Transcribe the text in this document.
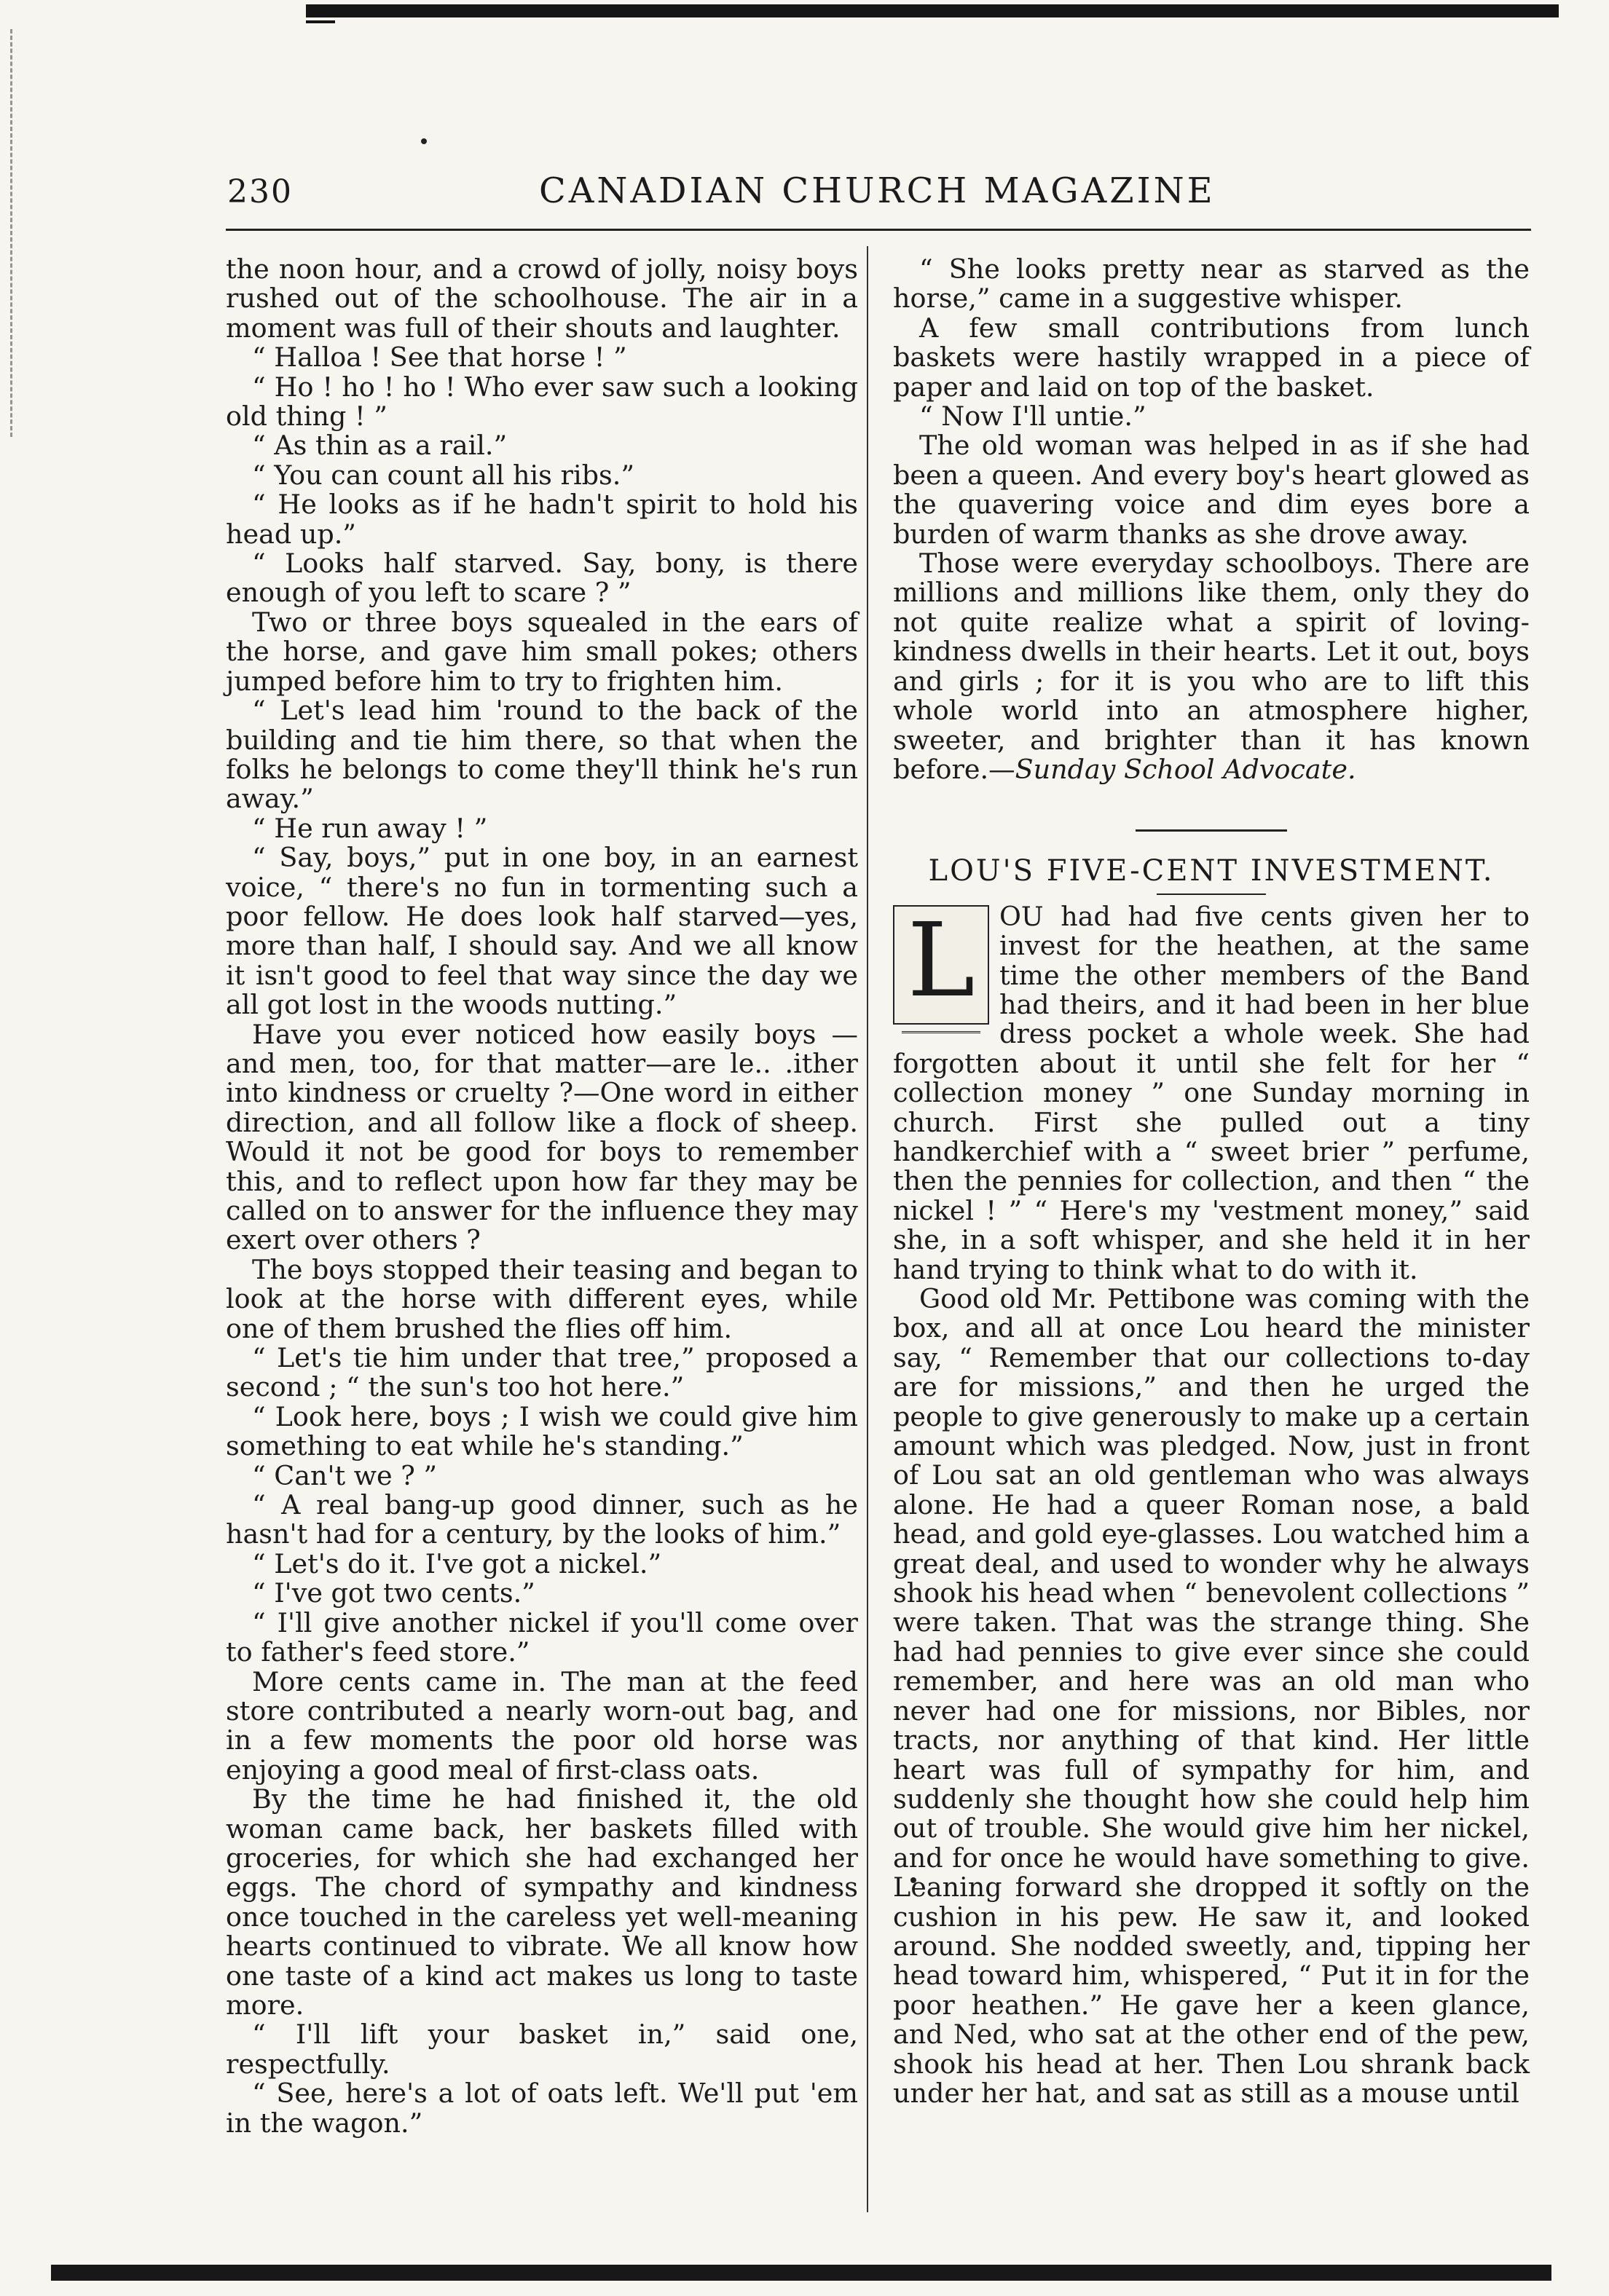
230	CANADIAN CHURCH MAGAZINE

the noon hour, and a crowd of jolly, noisy boys rushed out of the schoolhouse. The air in a moment was full of their shouts and laughter.

“ Halloa ! See that horse ! ”

“ Ho ! ho ! ho ! Who ever saw such a looking old thing ! ”

“ As thin as a rail.”

“ You can count all his ribs.”

“ He looks as if he hadn't spirit to hold his head up.”

“ Looks half starved. Say, bony, is there enough of you left to scare ? ”

Two or three boys squealed in the ears of the horse, and gave him small pokes; others jumped before him to try to frighten him.

“ Let's lead him 'round to the back of the building and tie him there, so that when the folks he belongs to come they'll think he's run away.”

“ He run away ! ”

“ Say, boys,” put in one boy, in an earnest voice, “ there's no fun in tormenting such a poor fellow. He does look half starved—yes, more than half, I should say. And we all know it isn't good to feel that way since the day we all got lost in the woods nutting.”

Have you ever noticed how easily boys —and men, too, for that matter—are le.. .ither into kindness or cruelty ?—One word in either direction, and all follow like a flock of sheep. Would it not be good for boys to remember this, and to reflect upon how far they may be called on to answer for the influence they may exert over others ?

The boys stopped their teasing and began to look at the horse with different eyes, while one of them brushed the flies off him.

“ Let's tie him under that tree,” proposed a second ; “ the sun's too hot here.”

“ Look here, boys ; I wish we could give him something to eat while he's standing.”

“ Can't we ? ”

“ A real bang-up good dinner, such as he hasn't had for a century, by the looks of him.”

“ Let's do it. I've got a nickel.”

“ I've got two cents.”

“ I'll give another nickel if you'll come over to father's feed store.”

More cents came in. The man at the feed store contributed a nearly worn-out bag, and in a few moments the poor old horse was enjoying a good meal of first-class oats.

By the time he had finished it, the old woman came back, her baskets filled with groceries, for which she had exchanged her eggs. The chord of sympathy and kindness once touched in the careless yet well-meaning hearts continued to vibrate. We all know how one taste of a kind act makes us long to taste more.

“ I'll lift your basket in,” said one, respectfully.

“ See, here's a lot of oats left. We'll put 'em in the wagon.”

“ She looks pretty near as starved as the horse,” came in a suggestive whisper.

A few small contributions from lunch baskets were hastily wrapped in a piece of paper and laid on top of the basket.

“ Now I'll untie.”

The old woman was helped in as if she had been a queen. And every boy's heart glowed as the quavering voice and dim eyes bore a burden of warm thanks as she drove away.

Those were everyday schoolboys. There are millions and millions like them, only they do not quite realize what a spirit of loving-kindness dwells in their hearts. Let it out, boys and girls ; for it is you who are to lift this whole world into an atmosphere higher, sweeter, and brighter than it has known before.—Sunday School Advocate.

LOU'S FIVE-CENT INVESTMENT.

L OU had had five cents given her to invest for the heathen, at the same time the other members of the Band had theirs, and it had been in her blue dress pocket a whole week. She had forgotten about it until she felt for her “ collection money ” one Sunday morning in church. First she pulled out a tiny handkerchief with a “ sweet brier ” perfume, then the pennies for collection, and then “ the nickel ! ” “ Here's my 'vestment money,” said she, in a soft whisper, and she held it in her hand trying to think what to do with it.

Good old Mr. Pettibone was coming with the box, and all at once Lou heard the minister say, “ Remember that our collections to-day are for missions,” and then he urged the people to give generously to make up a certain amount which was pledged. Now, just in front of Lou sat an old gentleman who was always alone. He had a queer Roman nose, a bald head, and gold eye-glasses. Lou watched him a great deal, and used to wonder why he always shook his head when “ benevolent collections ” were taken. That was the strange thing. She had had pennies to give ever since she could remember, and here was an old man who never had one for missions, nor Bibles, nor tracts, nor anything of that kind. Her little heart was full of sympathy for him, and suddenly she thought how she could help him out of trouble. She would give him her nickel, and for once he would have something to give. Leaning forward she dropped it softly on the cushion in his pew. He saw it, and looked around. She nodded sweetly, and, tipping her head toward him, whispered, “ Put it in for the poor heathen.” He gave her a keen glance, and Ned, who sat at the other end of the pew, shook his head at her. Then Lou shrank back under her hat, and sat as still as a mouse until
